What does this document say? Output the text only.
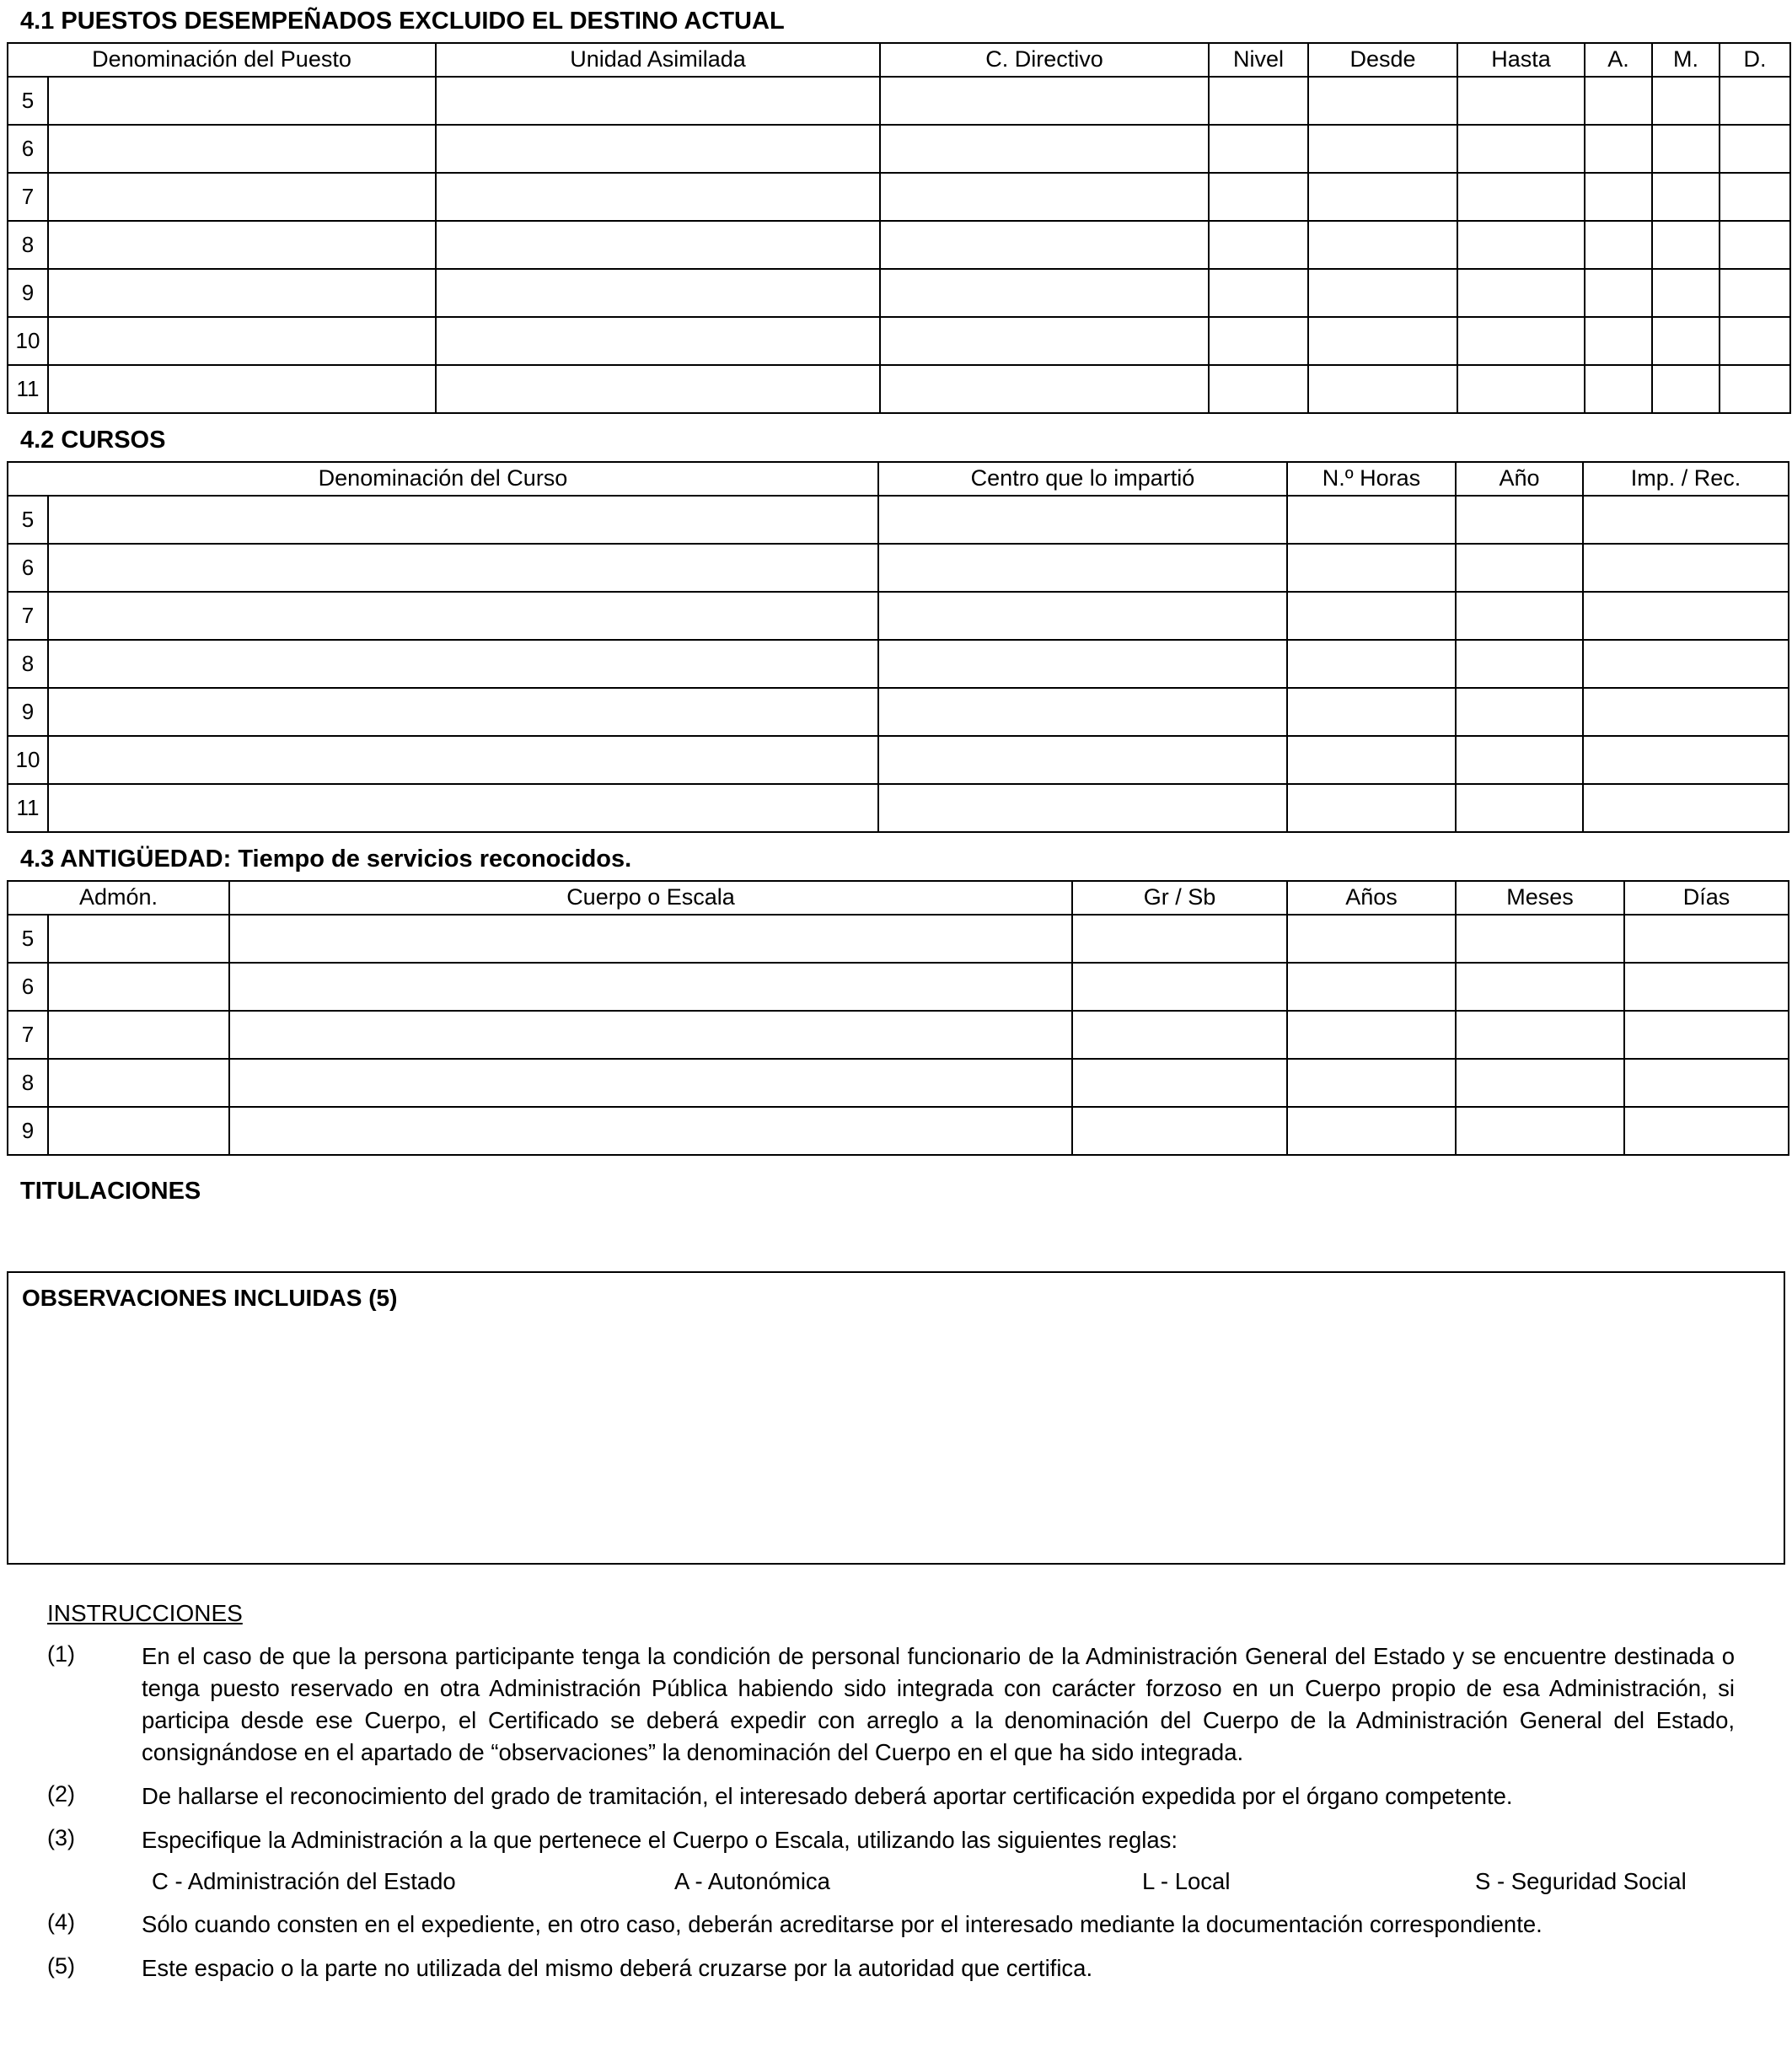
4.1 PUESTOS DESEMPEÑADOS EXCLUIDO EL DESTINO ACTUAL
Denominación del Puesto		Unidad Asimilada	C. Directivo	Nivel	Desde	Hasta	A.	M.	D.
5									
6									
7									
8									
9									
10									
11									
4.2 CURSOS
Denominación del Curso		Centro que lo impartió	N.º Horas	Año	Imp. / Rec.
5					
6					
7					
8					
9					
10					
11					
4.3 ANTIGÜEDAD: Tiempo de servicios reconocidos.
Admón.		Cuerpo o Escala	Gr / Sb	Años	Meses	Días
5						
6						
7						
8						
9						
TITULACIONES
OBSERVACIONES INCLUIDAS (5)
INSTRUCCIONES
(1)	En el caso de que la persona participante tenga la condición de personal funcionario de la Administración General del Estado y se encuentre destinada o tenga puesto reservado en otra Administración Pública habiendo sido integrada con carácter forzoso en un Cuerpo propio de esa Administración, si participa desde ese Cuerpo, el Certificado se deberá expedir con arreglo a la denominación del Cuerpo de la Administración General del Estado, consignándose en el apartado de “observaciones” la denominación del Cuerpo en el que ha sido integrada.
(2)	De hallarse el reconocimiento del grado de tramitación, el interesado deberá aportar certificación expedida por el órgano competente.
(3)	Especifique la Administración a la que pertenece el Cuerpo o Escala, utilizando las siguientes reglas:
C - Administración del Estado	A - Autonómica	L - Local	S - Seguridad Social
(4)	Sólo cuando consten en el expediente, en otro caso, deberán acreditarse por el interesado mediante la documentación correspondiente.
(5)	Este espacio o la parte no utilizada del mismo deberá cruzarse por la autoridad que certifica.
